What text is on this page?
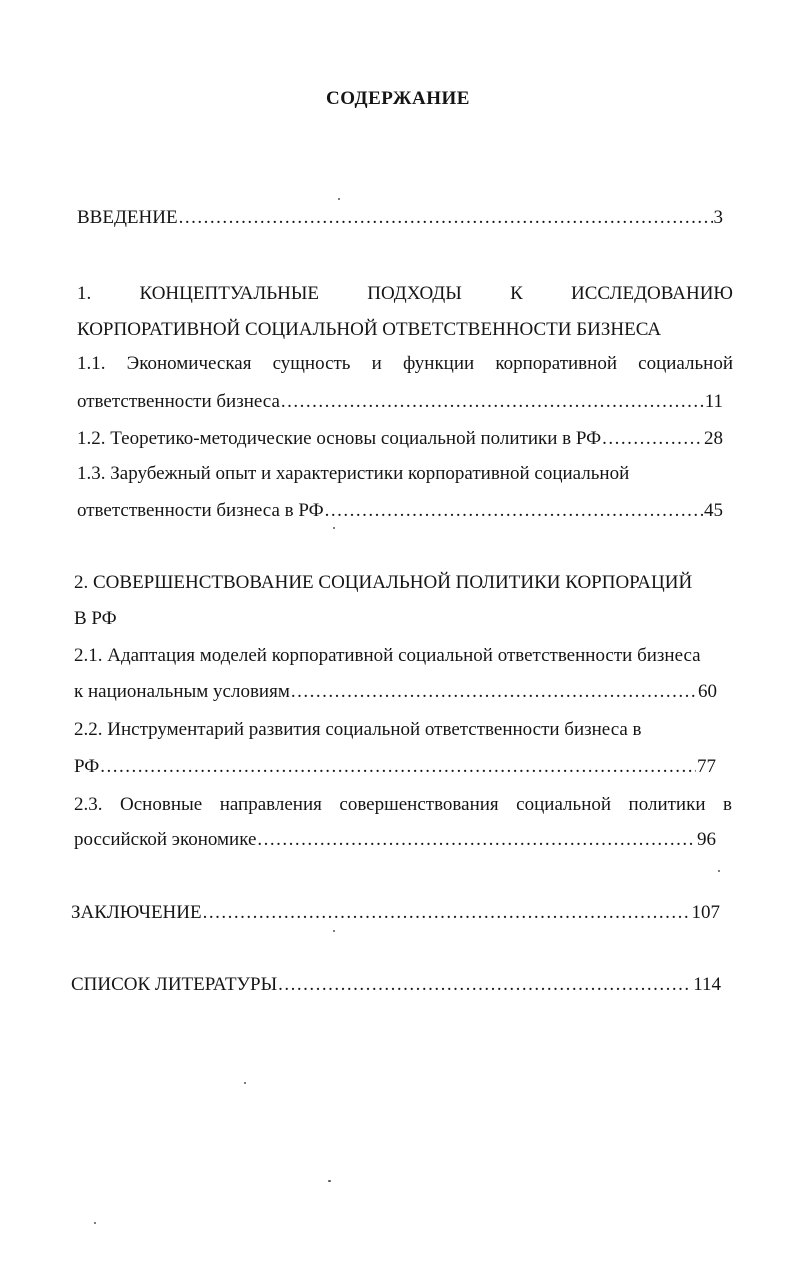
СОДЕРЖАНИЕ
ВВЕДЕНИЕ .....	3
1.	КОНЦЕПТУАЛЬНЫЕ	ПОДХОДЫ	К	ИССЛЕДОВАНИЮ
КОРПОРАТИВНОЙ СОЦИАЛЬНОЙ ОТВЕТСТВЕННОСТИ БИЗНЕСА
1.1. Экономическая сущность и функции корпоративной социальной
ответственности бизнеса .....	11
1.2. Теоретико-методические основы социальной политики в РФ .....	28
1.3. Зарубежный опыт и характеристики корпоративной социальной
ответственности бизнеса в РФ .....	45
2. СОВЕРШЕНСТВОВАНИЕ СОЦИАЛЬНОЙ ПОЛИТИКИ КОРПОРАЦИЙ
В РФ
2.1. Адаптация моделей корпоративной социальной ответственности бизнеса
к национальным условиям .....	60
2.2. Инструментарий развития социальной ответственности бизнеса в
РФ .....	77
2.3. Основные направления совершенствования социальной политики в
российской экономике .....	96
ЗАКЛЮЧЕНИЕ .....	107
СПИСОК ЛИТЕРАТУРЫ .....	114
